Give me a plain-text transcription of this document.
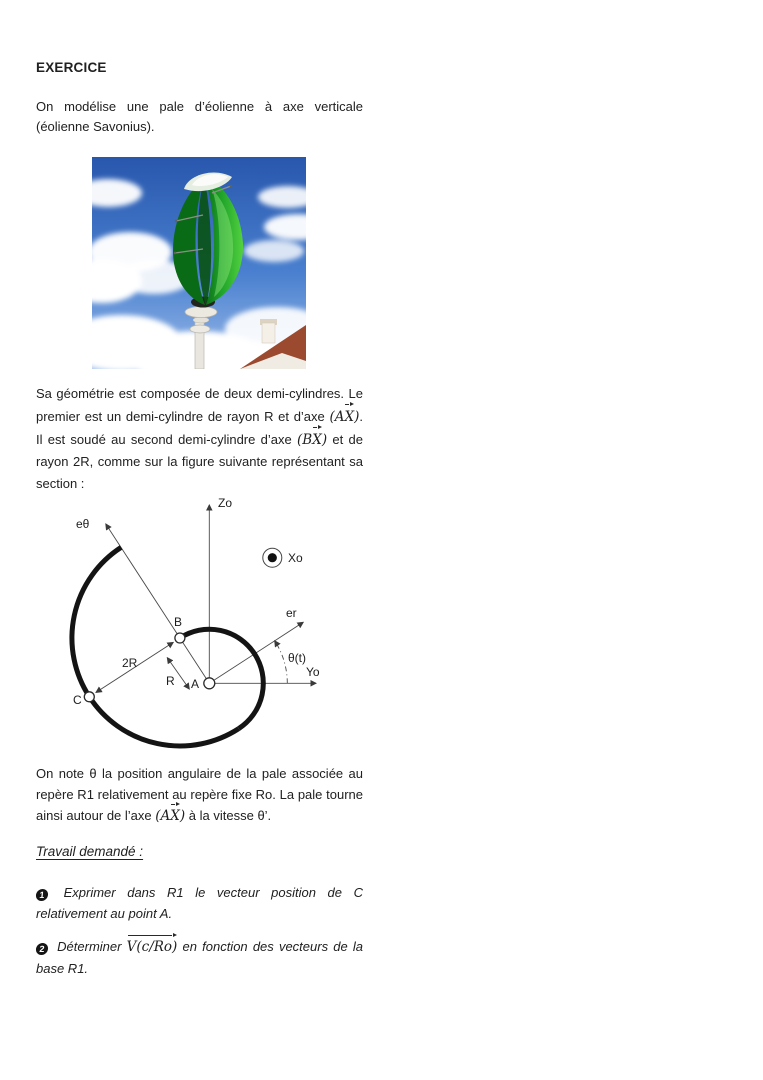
EXERCICE

On modélise une pale d’éolienne à axe verticale (éolienne Savonius).

Sa géométrie est composée de deux demi-cylindres. Le premier est un demi-cylindre de rayon R et d’axe (AX). Il est soudé au second demi-cylindre d’axe (BX) et de rayon 2R, comme sur la figure suivante représentant sa section :

Zo
eθ
Xo
er
θ(t)
Yo
B
A
C
2R
R

On note θ la position angulaire de la pale associée au repère R1 relativement au repère fixe Ro. La pale tourne ainsi autour de l’axe (AX) à la vitesse θ’.

Travail demandé :

1 Exprimer dans R1 le vecteur position de C relativement au point A.

2 Déterminer V(c/Ro) en fonction des vecteurs de la base R1.
